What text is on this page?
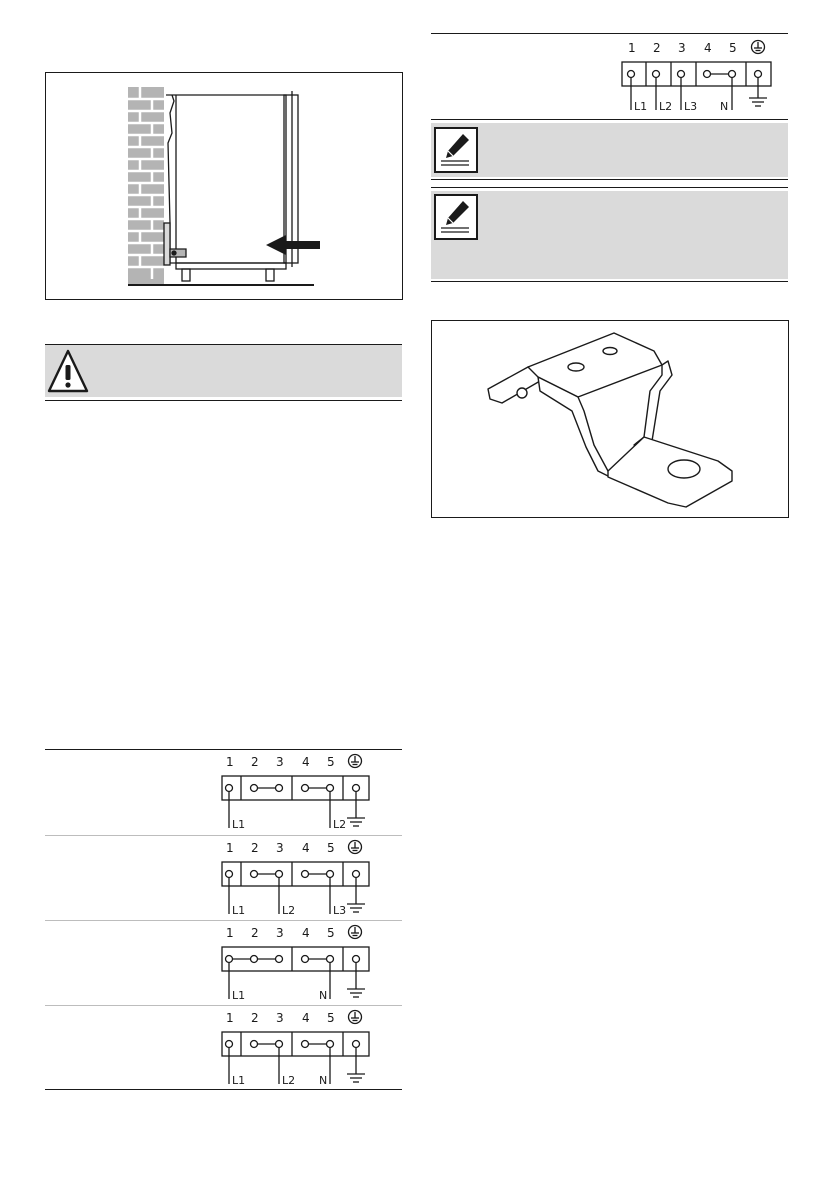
1 2 3 4 5
L1	L2
1 2 3 4 5
L1	L2	L3
1 2 3 4 5
L1	N
1 2 3 4 5
L1	L2 N
1 2 3 4 5
L1 L2 L3 N
